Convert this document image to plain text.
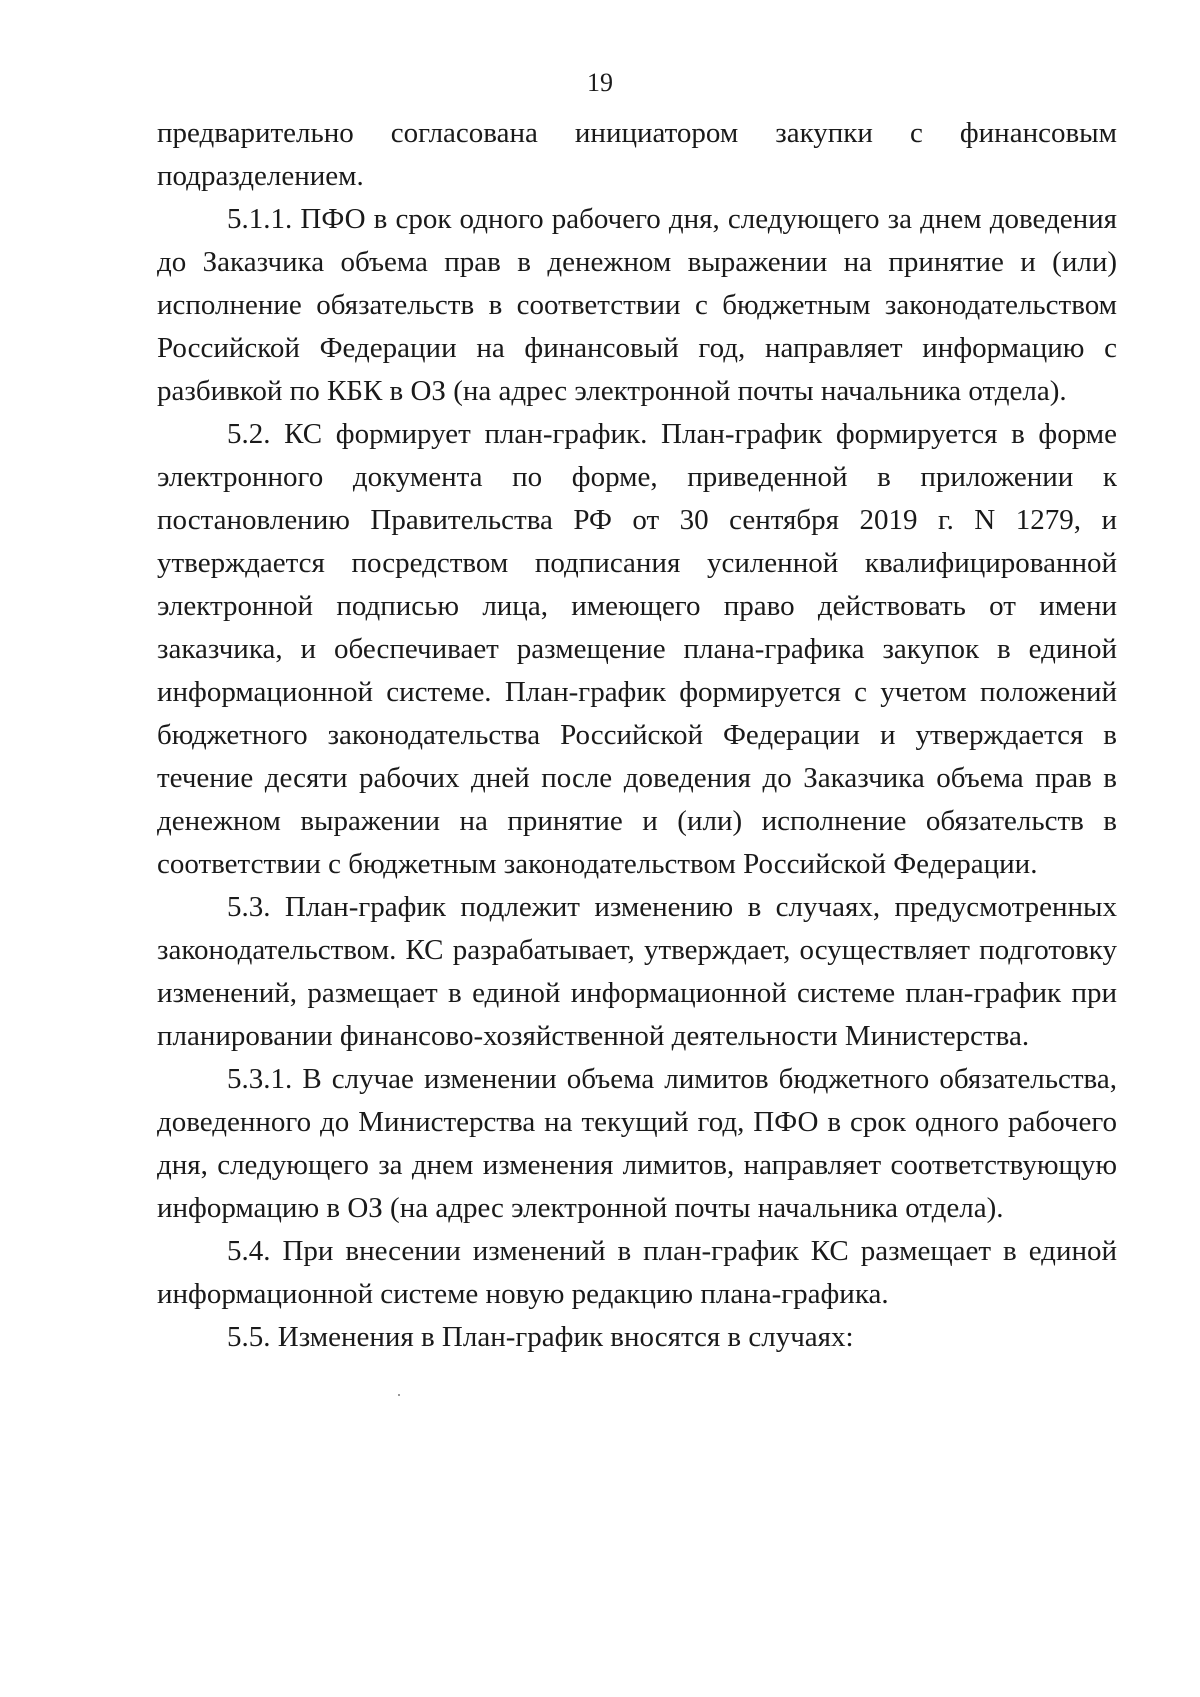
19

предварительно согласована инициатором закупки с финансовым подразделением.

5.1.1. ПФО в срок одного рабочего дня, следующего за днем доведения до Заказчика объема прав в денежном выражении на принятие и (или) исполнение обязательств в соответствии с бюджетным законодательством Российской Федерации на финансовый год, направляет информацию с разбивкой по КБК в ОЗ (на адрес электронной почты начальника отдела).

5.2. КС формирует план-график. План-график формируется в форме электронного документа по форме, приведенной в приложении к постановлению Правительства РФ от 30 сентября 2019 г. N 1279, и утверждается посредством подписания усиленной квалифицированной электронной подписью лица, имеющего право действовать от имени заказчика, и обеспечивает размещение плана-графика закупок в единой информационной системе. План-график формируется с учетом положений бюджетного законодательства Российской Федерации и утверждается в течение десяти рабочих дней после доведения до Заказчика объема прав в денежном выражении на принятие и (или) исполнение обязательств в соответствии с бюджетным законодательством Российской Федерации.

5.3. План-график подлежит изменению в случаях, предусмотренных законодательством. КС разрабатывает, утверждает, осуществляет подготовку изменений, размещает в единой информационной системе план-график при планировании финансово-хозяйственной деятельности Министерства.

5.3.1. В случае изменении объема лимитов бюджетного обязательства, доведенного до Министерства на текущий год, ПФО в срок одного рабочего дня, следующего за днем изменения лимитов, направляет соответствующую информацию в ОЗ (на адрес электронной почты начальника отдела).

5.4. При внесении изменений в план-график КС размещает в единой информационной системе новую редакцию плана-графика.

5.5. Изменения в План-график вносятся в случаях:
